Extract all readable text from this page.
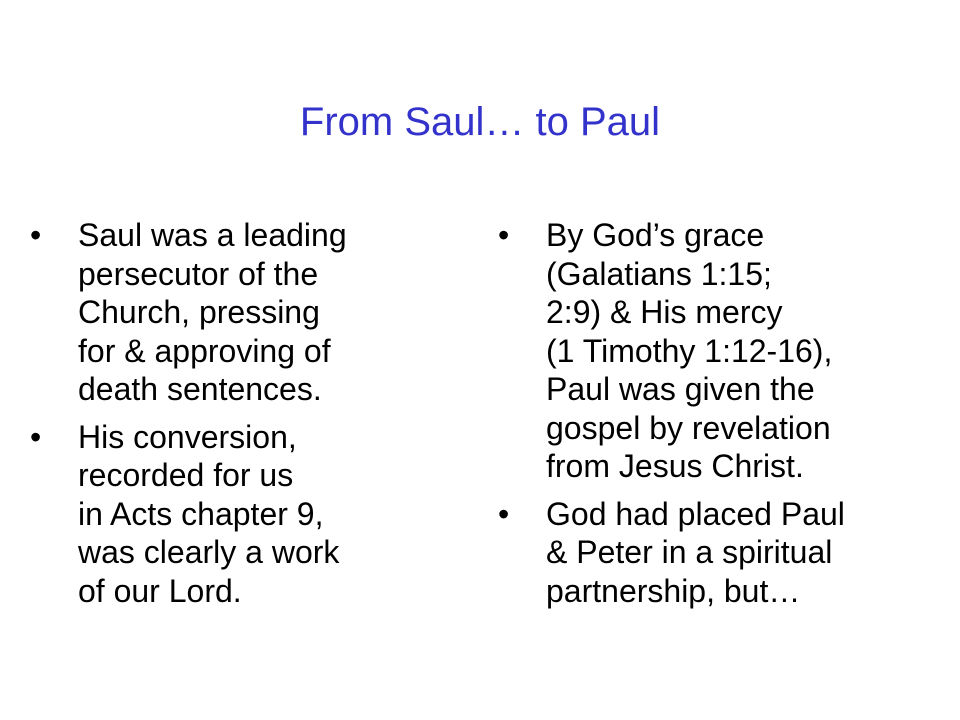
From Saul… to Paul
• Saul was a leading
persecutor of the
Church, pressing
for & approving of
death sentences.
• His conversion,
recorded for us
in Acts chapter 9,
was clearly a work
of our Lord.
• By God’s grace
(Galatians 1:15;
2:9) & His mercy
(1 Timothy 1:12-16),
Paul was given the
gospel by revelation
from Jesus Christ.
• God had placed Paul
& Peter in a spiritual
partnership, but…
